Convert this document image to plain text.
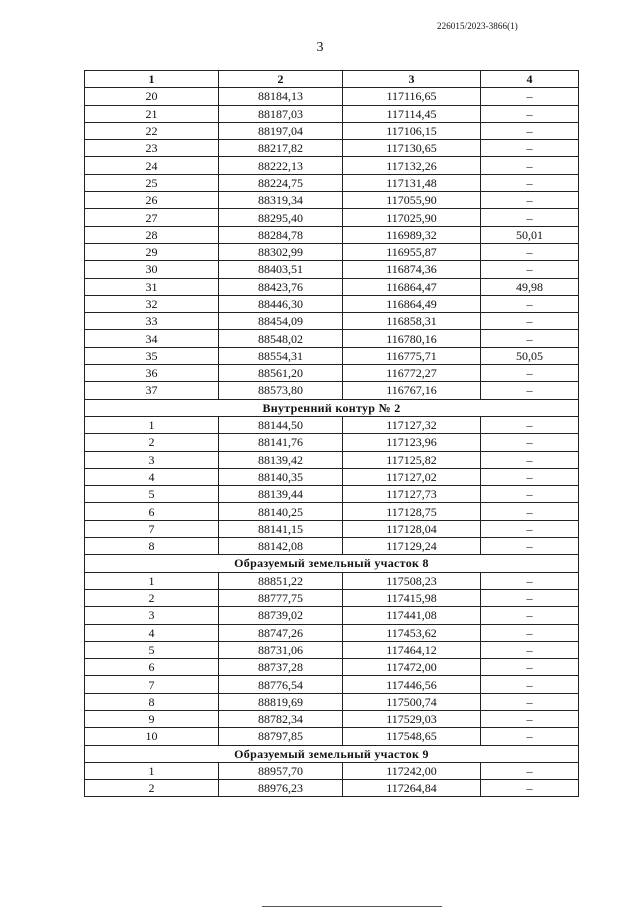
226015/2023-3866(1)
3
1	2	3	4
20	88184,13	117116,65	–
21	88187,03	117114,45	–
22	88197,04	117106,15	–
23	88217,82	117130,65	–
24	88222,13	117132,26	–
25	88224,75	117131,48	–
26	88319,34	117055,90	–
27	88295,40	117025,90	–
28	88284,78	116989,32	50,01
29	88302,99	116955,87	–
30	88403,51	116874,36	–
31	88423,76	116864,47	49,98
32	88446,30	116864,49	–
33	88454,09	116858,31	–
34	88548,02	116780,16	–
35	88554,31	116775,71	50,05
36	88561,20	116772,27	–
37	88573,80	116767,16	–
Внутренний контур № 2			
1	88144,50	117127,32	–
2	88141,76	117123,96	–
3	88139,42	117125,82	–
4	88140,35	117127,02	–
5	88139,44	117127,73	–
6	88140,25	117128,75	–
7	88141,15	117128,04	–
8	88142,08	117129,24	–
Образуемый земельный участок 8			
1	88851,22	117508,23	–
2	88777,75	117415,98	–
3	88739,02	117441,08	–
4	88747,26	117453,62	–
5	88731,06	117464,12	–
6	88737,28	117472,00	–
7	88776,54	117446,56	–
8	88819,69	117500,74	–
9	88782,34	117529,03	–
10	88797,85	117548,65	–
Образуемый земельный участок 9			
1	88957,70	117242,00	–
2	88976,23	117264,84	–
